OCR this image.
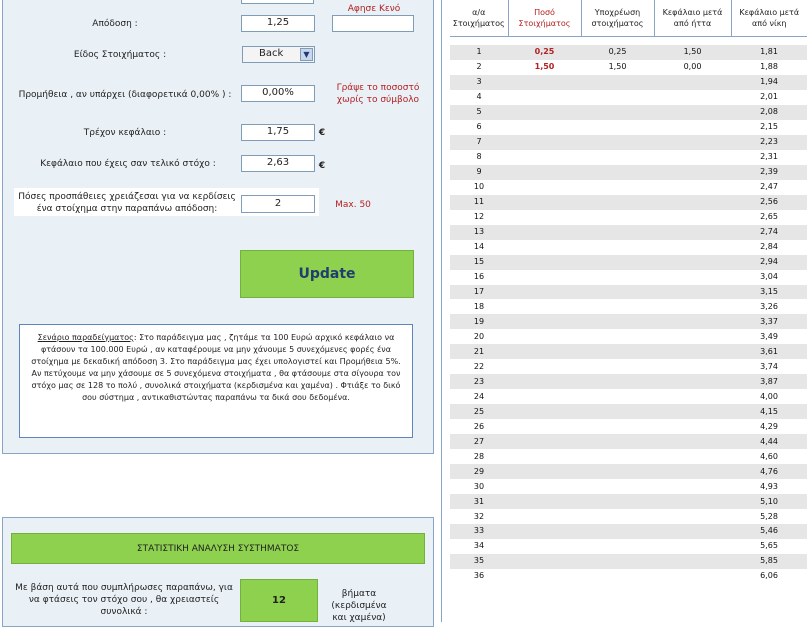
Αφησε Κενό
Απόδοση :	1,25
Είδος Στοιχήματος :	Back	▼
Προμήθεια , αν υπάρχει (διαφορετικά 0,00% ) :	0,00%	Γράψε το ποσοστό χωρίς το σύμβολο
Τρέχον κεφάλαιο :	1,75	€
Κεφάλαιο που έχεις σαν τελικό στόχο :	2,63	€
Πόσες προσπάθειες χρειάζεσαι για να κερδίσεις ένα στοίχημα στην παραπάνω απόδοση:	2	Max. 50
Update
Σενάριο παραδείγματος: Στο παράδειγμα μας , ζητάμε τα 100 Ευρώ αρχικό κεφάλαιο να φτάσουν τα 100.000 Ευρώ , αν καταφέρουμε να μην χάνουμε 5 συνεχόμενες φορές ένα στοίχημα με δεκαδική απόδοση 3. Στο παράδειγμα μας έχει υπολογιστεί και Προμήθεια 5%. Αν πετύχουμε να μην χάσουμε σε 5 συνεχόμενα στοιχήματα , θα φτάσουμε στα σίγουρα τον στόχο μας σε 128 το πολύ , συνολικά στοιχήματα (κερδισμένα και χαμένα) . Φτιάξε το δικό σου σύστημα , αντικαθιστώντας παραπάνω τα δικά σου δεδομένα.
ΣΤΑΤΙΣΤΙΚΗ ΑΝΑΛΥΣΗ ΣΥΣΤΗΜΑΤΟΣ
Με βάση αυτά που συμπλήρωσες παραπάνω, για να φτάσεις τον στόχο σου , θα χρειαστείς συνολικά :
12
βήματα (κερδισμένα και χαμένα)
α/α Στοιχήματος	Ποσό Στοιχήματος	Υποχρέωση στοιχήματος	Κεφάλαιο μετά από ήττα	Κεφάλαιο μετά από νίκη

1	0,25	0,25	1,50	1,81
2	1,50	1,50	0,00	1,88
3				1,94
4				2,01
5				2,08
6				2,15
7				2,23
8				2,31
9				2,39
10				2,47
11				2,56
12				2,65
13				2,74
14				2,84
15				2,94
16				3,04
17				3,15
18				3,26
19				3,37
20				3,49
21				3,61
22				3,74
23				3,87
24				4,00
25				4,15
26				4,29
27				4,44
28				4,60
29				4,76
30				4,93
31				5,10
32				5,28
33				5,46
34				5,65
35				5,85
36				6,06
